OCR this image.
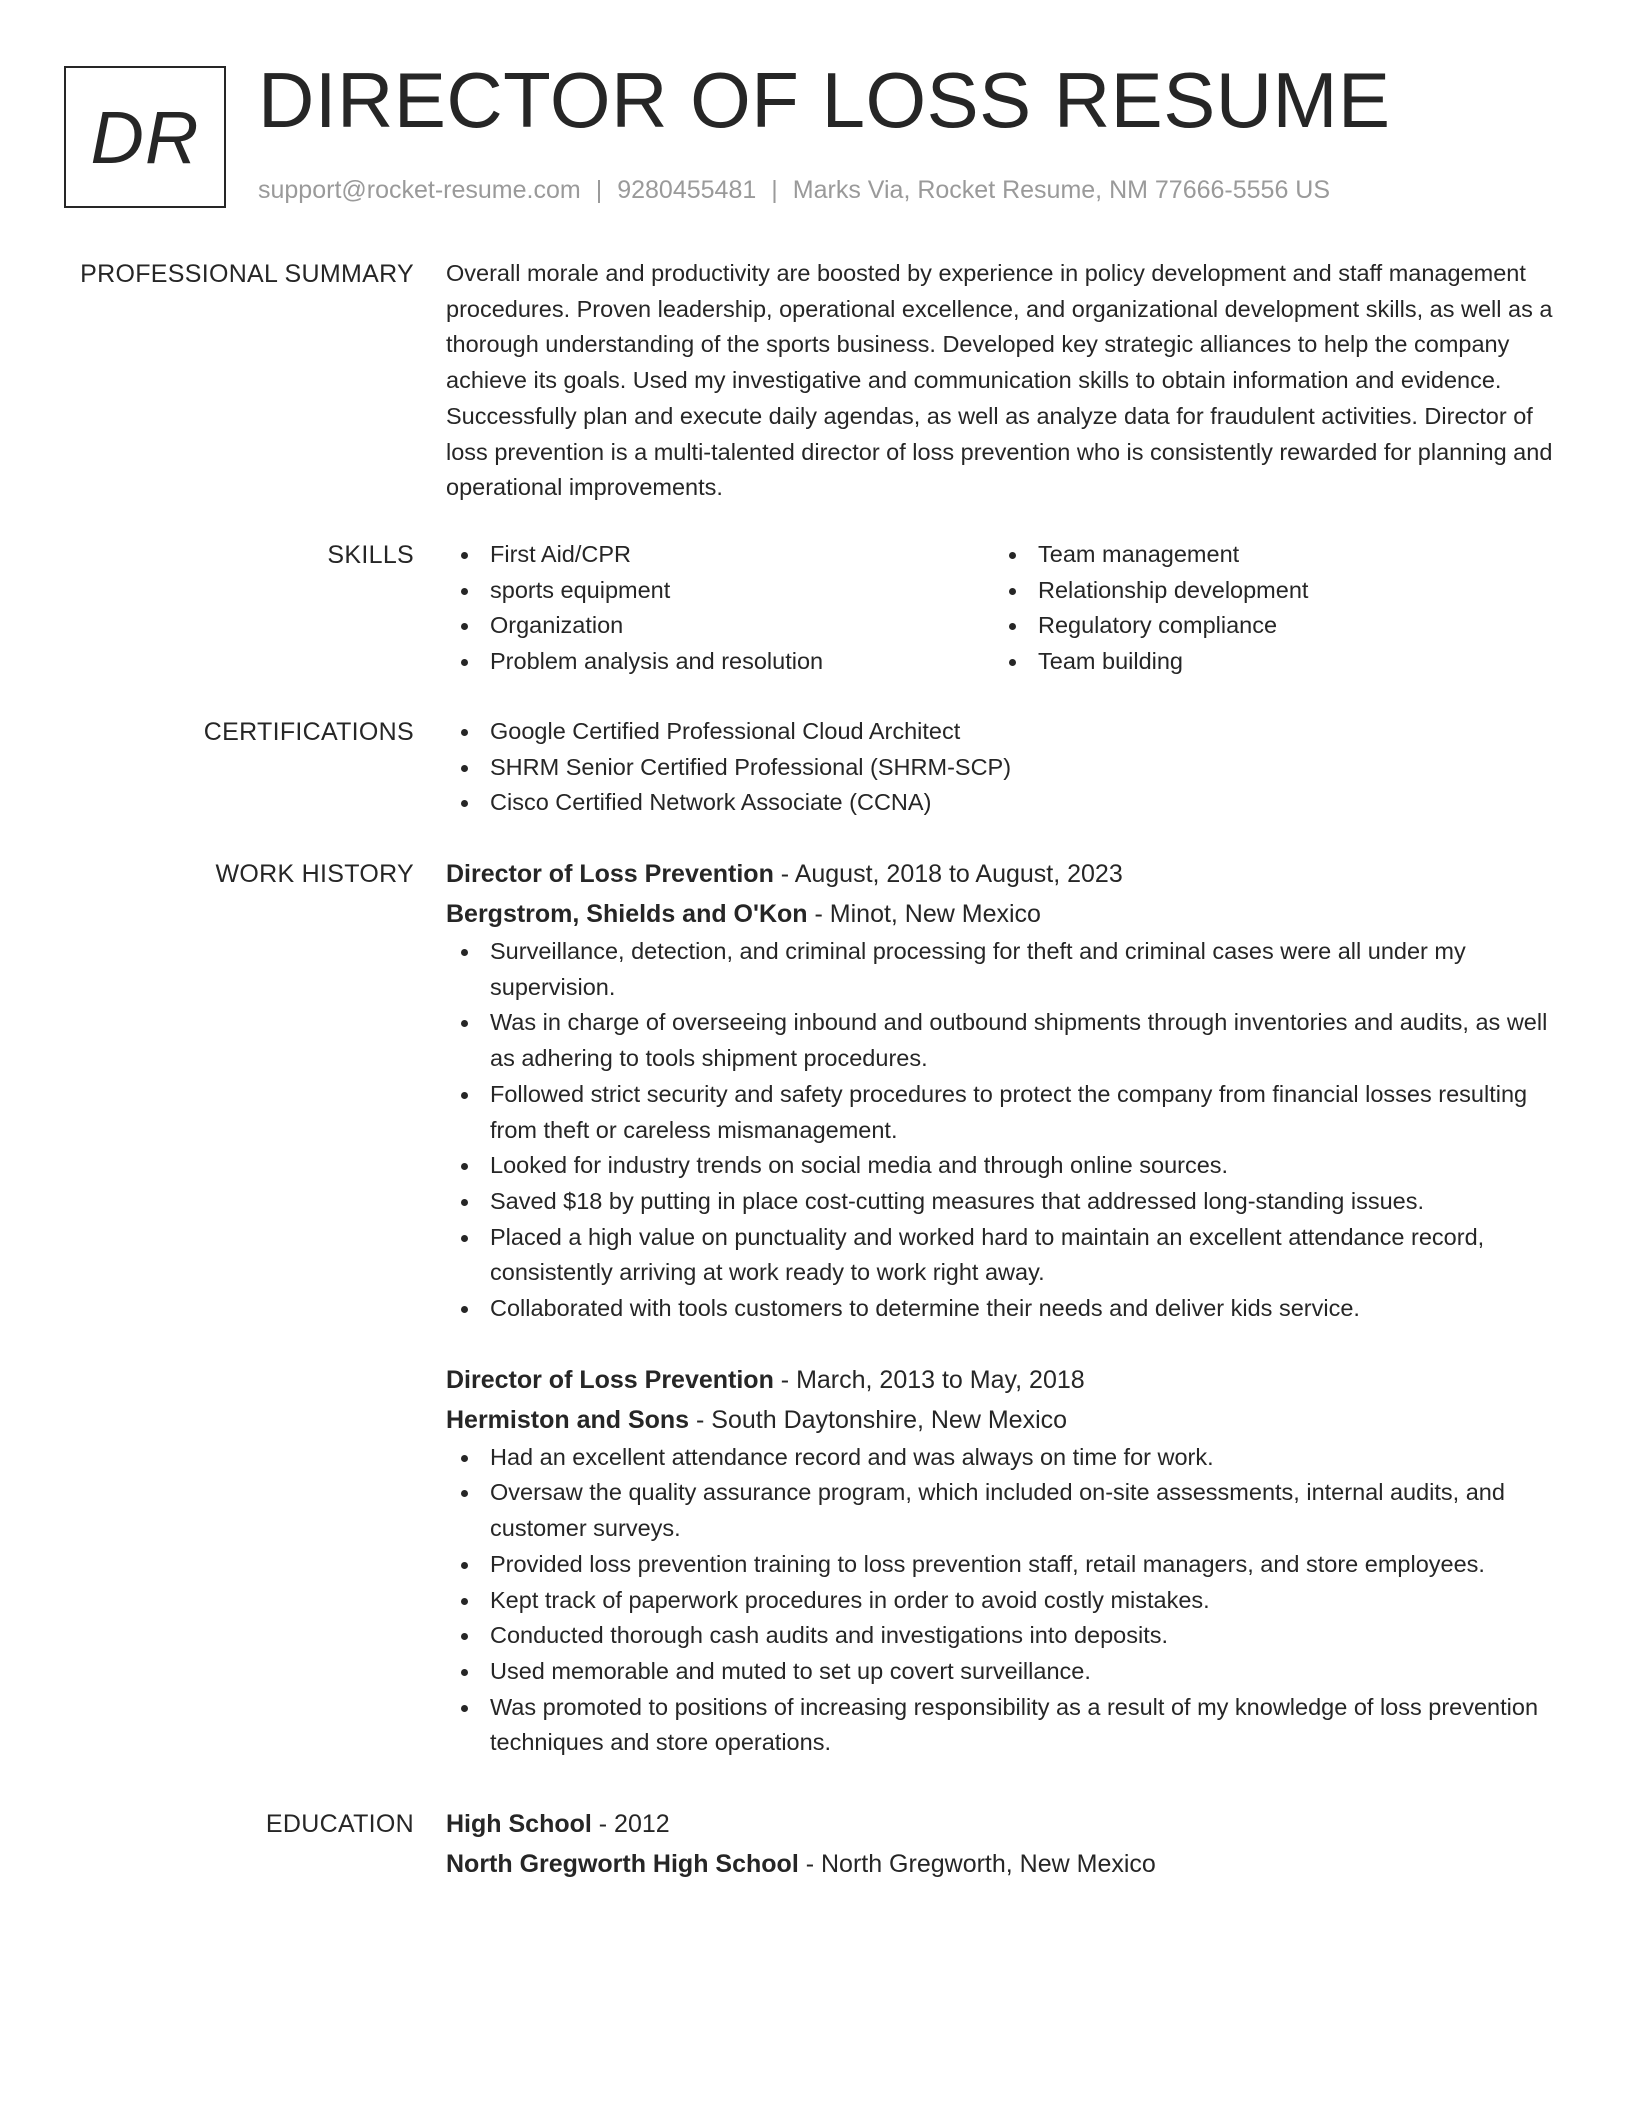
DR DIRECTOR OF LOSS RESUME
support@rocket-resume.com | 9280455481 | Marks Via, Rocket Resume, NM 77666-5556 US
PROFESSIONAL SUMMARY Overall morale and productivity are boosted by experience in policy development and staff management procedures. Proven leadership, operational excellence, and organizational development skills, as well as a thorough understanding of the sports business. Developed key strategic alliances to help the company achieve its goals. Used my investigative and communication skills to obtain information and evidence. Successfully plan and execute daily agendas, as well as analyze data for fraudulent activities. Director of loss prevention is a multi-talented director of loss prevention who is consistently rewarded for planning and operational improvements.

SKILLS	First Aid/CPR
sports equipment
Organization
Problem analysis and resolution
Team management
Relationship development
Regulatory compliance
Team building
CERTIFICATIONS	Google Certified Professional Cloud Architect
SHRM Senior Certified Professional (SHRM-SCP)
Cisco Certified Network Associate (CCNA)
WORK HISTORY Director of Loss Prevention - August, 2018 to August, 2023
Bergstrom, Shields and O'Kon - Minot, New Mexico
Surveillance, detection, and criminal processing for theft and criminal cases were all under my supervision.
Was in charge of overseeing inbound and outbound shipments through inventories and audits, as well as adhering to tools shipment procedures.
Followed strict security and safety procedures to protect the company from financial losses resulting from theft or careless mismanagement.
Looked for industry trends on social media and through online sources.
Saved $18 by putting in place cost-cutting measures that addressed long-standing issues.
Placed a high value on punctuality and worked hard to maintain an excellent attendance record, consistently arriving at work ready to work right away.
Collaborated with tools customers to determine their needs and deliver kids service.
Director of Loss Prevention - March, 2013 to May, 2018
Hermiston and Sons - South Daytonshire, New Mexico
Had an excellent attendance record and was always on time for work.
Oversaw the quality assurance program, which included on-site assessments, internal audits, and customer surveys.
Provided loss prevention training to loss prevention staff, retail managers, and store employees.
Kept track of paperwork procedures in order to avoid costly mistakes.
Conducted thorough cash audits and investigations into deposits.
Used memorable and muted to set up covert surveillance.
Was promoted to positions of increasing responsibility as a result of my knowledge of loss prevention techniques and store operations.
EDUCATION High School - 2012
North Gregworth High School - North Gregworth, New Mexico
